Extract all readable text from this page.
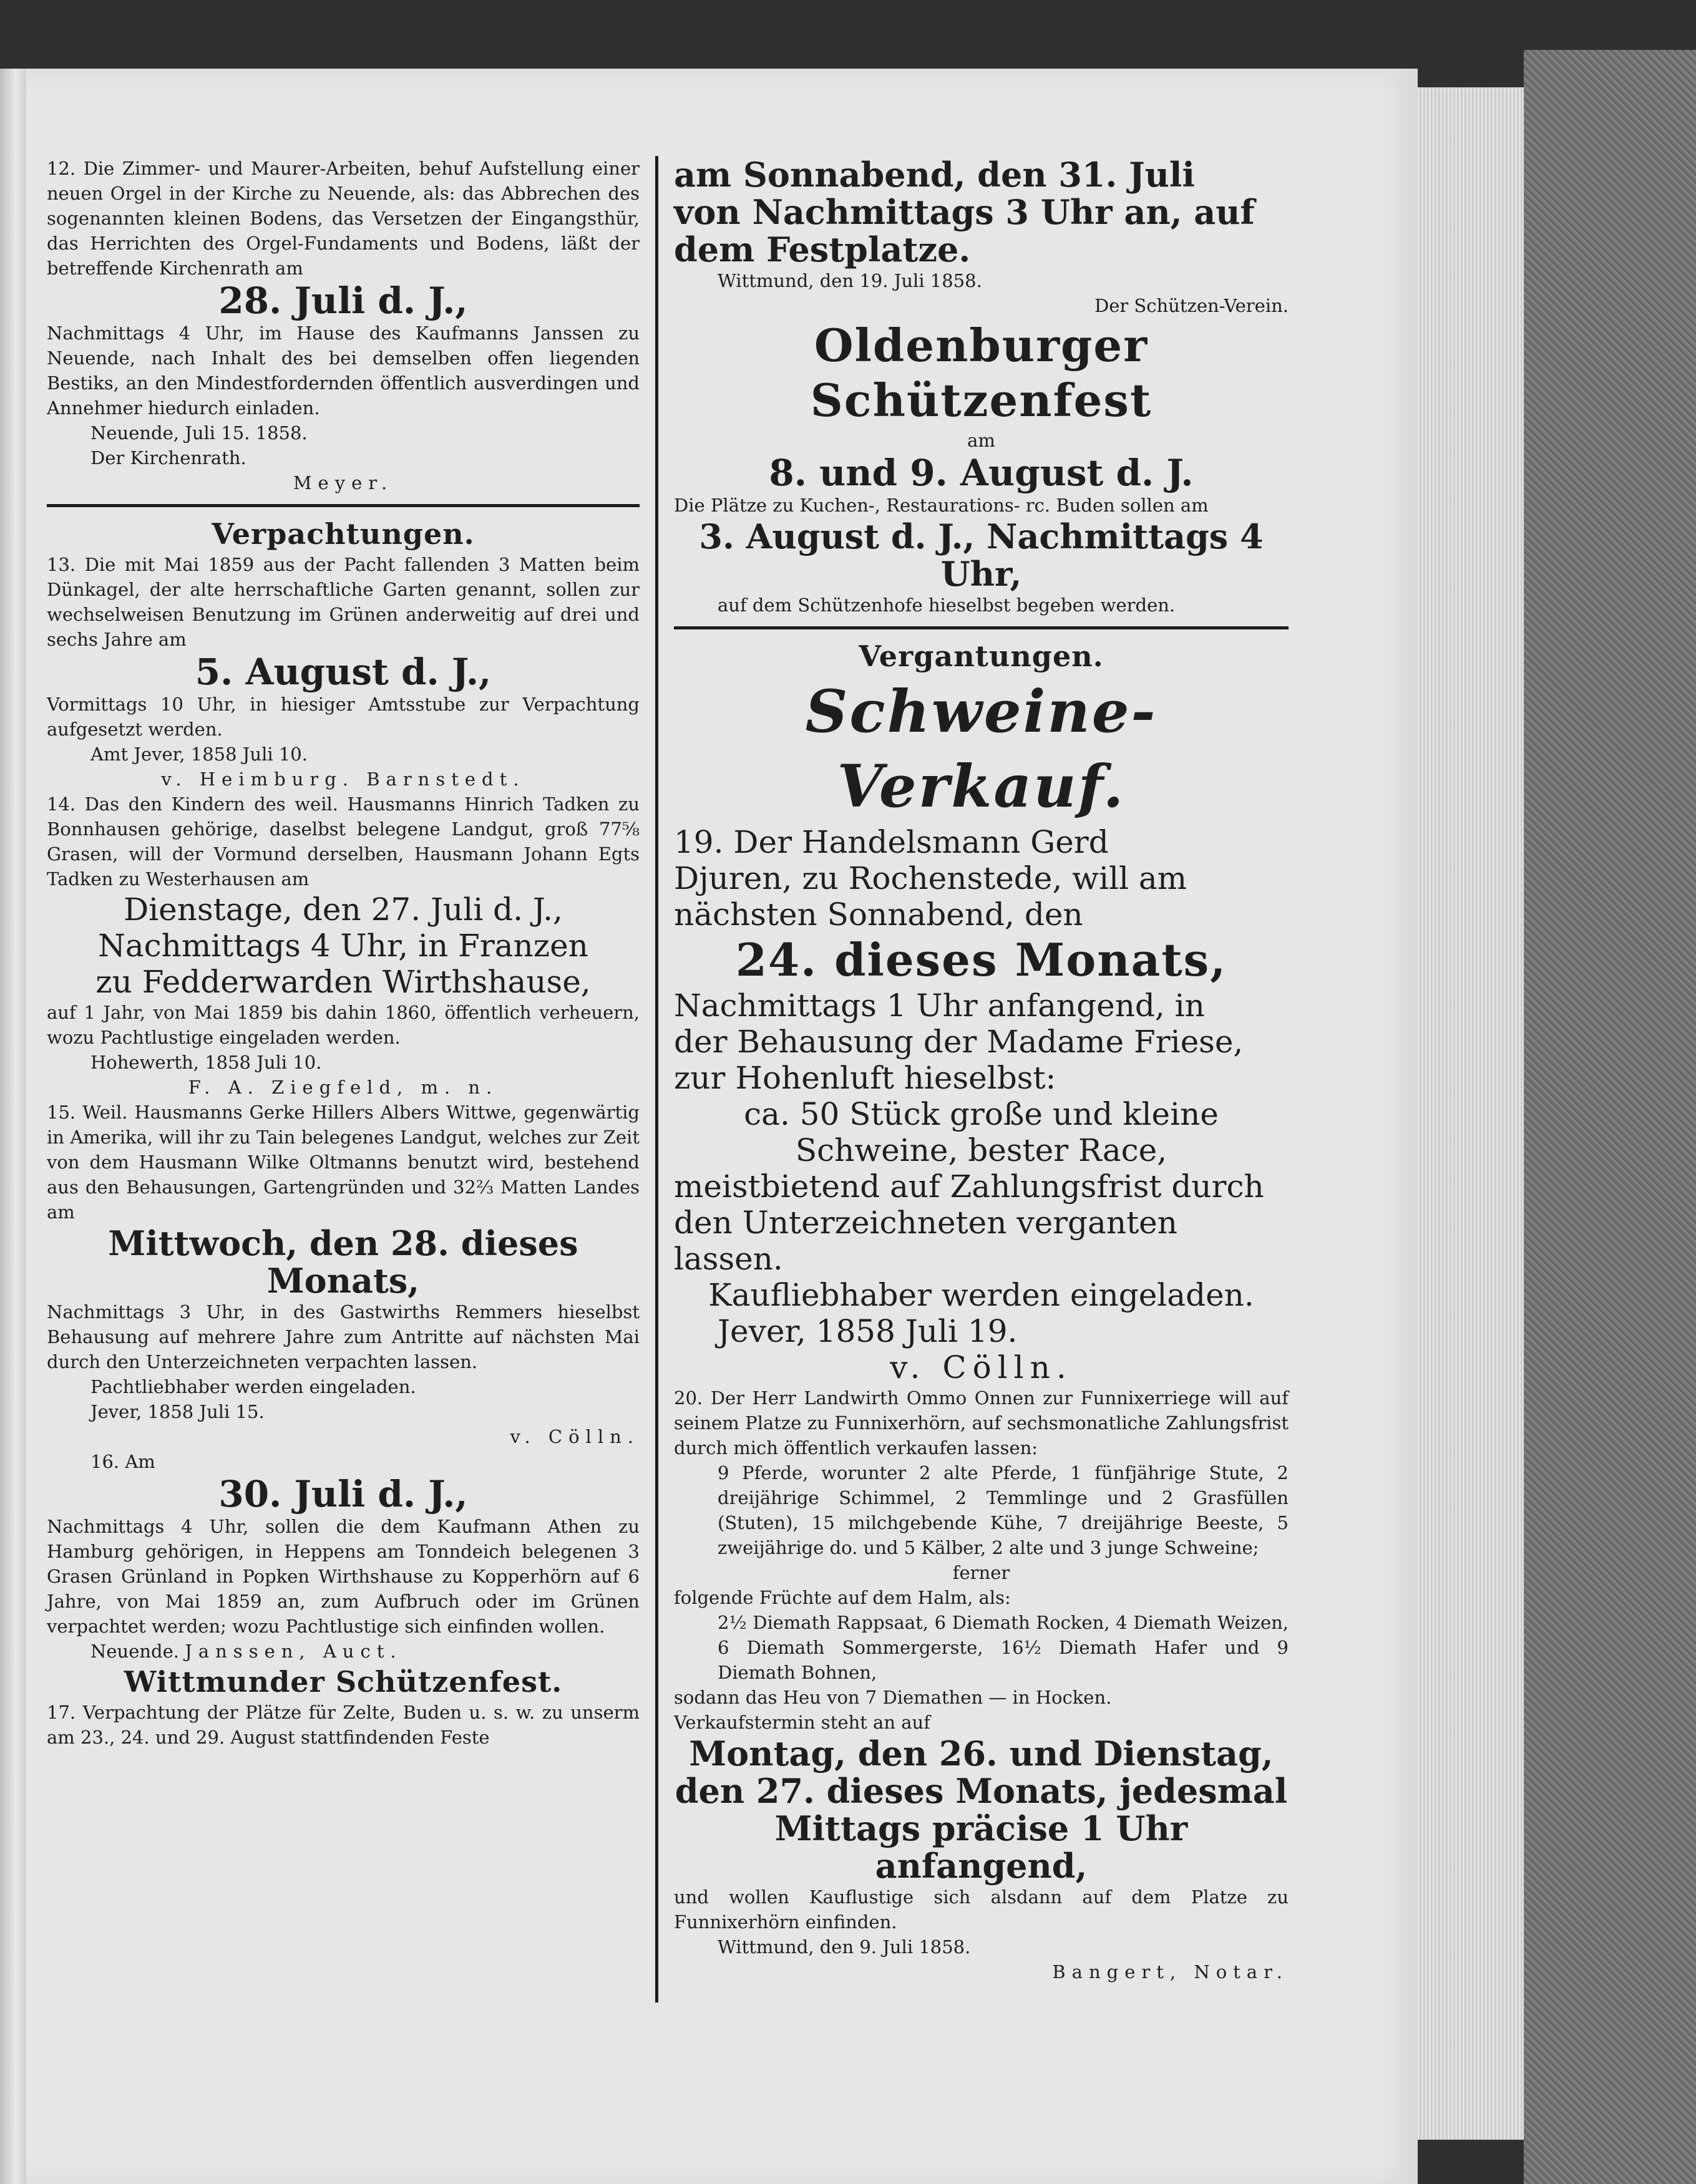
12. Die Zimmer- und Maurer-Arbeiten, behuf Aufstellung einer neuen Orgel in der Kirche zu Neuende, als: das Abbrechen des sogenannten kleinen Bodens, das Versetzen der Eingangsthür, das Herrichten des Orgel-Fundaments und Bodens, läßt der betreffende Kirchenrath am

28. Juli d. J.,

Nachmittags 4 Uhr, im Hause des Kaufmanns Janssen zu Neuende, nach Inhalt des bei demselben offen liegenden Bestiks, an den Mindestfordernden öffentlich ausverdingen und Annehmer hiedurch einladen.

Neuende, Juli 15. 1858.

Der Kirchenrath.

Meyer.

Verpachtungen.

13. Die mit Mai 1859 aus der Pacht fallenden 3 Matten beim Dünkagel, der alte herrschaftliche Garten genannt, sollen zur wechselweisen Benutzung im Grünen anderweitig auf drei und sechs Jahre am

5. August d. J.,

Vormittags 10 Uhr, in hiesiger Amtsstube zur Verpachtung aufgesetzt werden.

Amt Jever, 1858 Juli 10.

v. Heimburg. Barnstedt.

14. Das den Kindern des weil. Hausmanns Hinrich Tadken zu Bonnhausen gehörige, daselbst belegene Landgut, groß 77⅝ Grasen, will der Vormund derselben, Hausmann Johann Egts Tadken zu Westerhausen am

Dienstage, den 27. Juli d. J.,

Nachmittags 4 Uhr, in Franzen

zu Fedderwarden Wirthshause,

auf 1 Jahr, von Mai 1859 bis dahin 1860, öffentlich verheuern, wozu Pachtlustige eingeladen werden.

Hohewerth, 1858 Juli 10.

F. A. Ziegfeld, m. n.

15. Weil. Hausmanns Gerke Hillers Albers Wittwe, gegenwärtig in Amerika, will ihr zu Tain belegenes Landgut, welches zur Zeit von dem Hausmann Wilke Oltmanns benutzt wird, bestehend aus den Behausungen, Gartengründen und 32⅔ Matten Landes am

Mittwoch, den 28. dieses Monats,

Nachmittags 3 Uhr, in des Gastwirths Remmers hieselbst Behausung auf mehrere Jahre zum Antritte auf nächsten Mai durch den Unterzeichneten verpachten lassen.

Pachtliebhaber werden eingeladen.

Jever, 1858 Juli 15.

v. Cölln.

16. Am

30. Juli d. J.,

Nachmittags 4 Uhr, sollen die dem Kaufmann Athen zu Hamburg gehörigen, in Heppens am Tonndeich belegenen 3 Grasen Grünland in Popken Wirthshause zu Kopperhörn auf 6 Jahre, von Mai 1859 an, zum Aufbruch oder im Grünen verpachtet werden; wozu Pachtlustige sich einfinden wollen.

Neuende. Janssen, Auct.

Wittmunder Schützenfest.

17. Verpachtung der Plätze für Zelte, Buden u. s. w. zu unserm am 23., 24. und 29. August stattfindenden Feste

am Sonnabend, den 31. Juli

von Nachmittags 3 Uhr an, auf

dem Festplatze.

Wittmund, den 19. Juli 1858.

Der Schützen-Verein.

Oldenburger Schützenfest

am

8. und 9. August d. J.

Die Plätze zu Kuchen-, Restaurations- rc. Buden sollen am

3. August d. J., Nachmittags 4 Uhr,

auf dem Schützenhofe hieselbst begeben werden.

Vergantungen.

Schweine-Verkauf.

19. Der Handelsmann Gerd

Djuren, zu Rochenstede, will am

nächsten Sonnabend, den

24. dieses Monats,

Nachmittags 1 Uhr anfangend, in

der Behausung der Madame Friese,

zur Hohenluft hieselbst:

ca. 50 Stück große und kleine

Schweine, bester Race,

meistbietend auf Zahlungsfrist durch

den Unterzeichneten verganten lassen.

Kaufliebhaber werden eingeladen.

Jever, 1858 Juli 19.

v. Cölln.

20. Der Herr Landwirth Ommo Onnen zur Funnixerriege will auf seinem Platze zu Funnixerhörn, auf sechsmonatliche Zahlungsfrist durch mich öffentlich verkaufen lassen:

9 Pferde, worunter 2 alte Pferde, 1 fünfjährige Stute, 2 dreijährige Schimmel, 2 Temmlinge und 2 Grasfüllen (Stuten), 15 milchgebende Kühe, 7 dreijährige Beeste, 5 zweijährige do. und 5 Kälber, 2 alte und 3 junge Schweine;

ferner

folgende Früchte auf dem Halm, als:

2½ Diemath Rappsaat, 6 Diemath Rocken, 4 Diemath Weizen, 6 Diemath Sommergerste, 16½ Diemath Hafer und 9 Diemath Bohnen,

sodann das Heu von 7 Diemathen — in Hocken.

Verkaufstermin steht an auf

Montag, den 26. und Dienstag,

den 27. dieses Monats, jedesmal

Mittags präcise 1 Uhr anfangend,

und wollen Kauflustige sich alsdann auf dem Platze zu Funnixerhörn einfinden.

Wittmund, den 9. Juli 1858.

Bangert, Notar.
